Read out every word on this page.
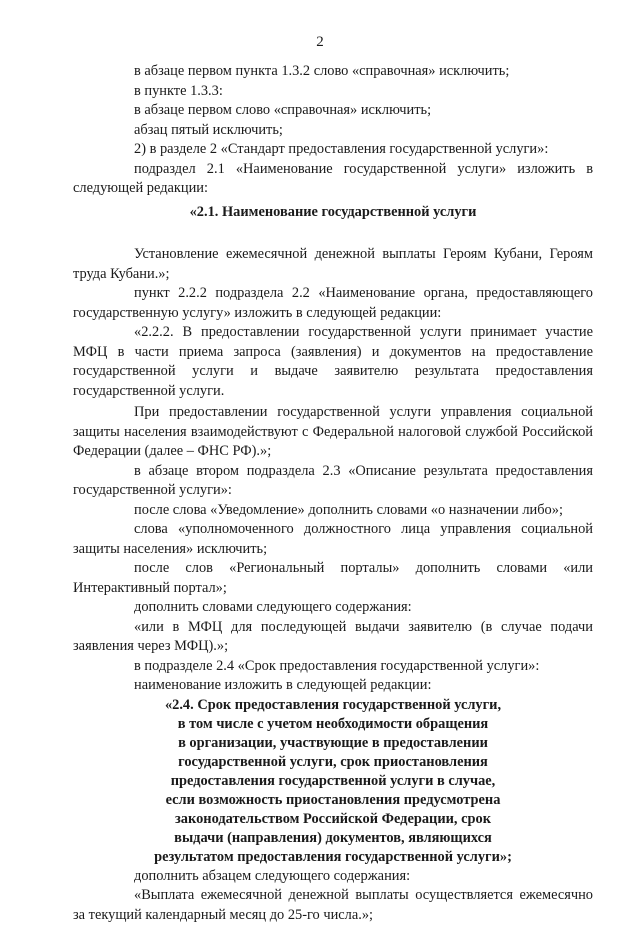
2

в абзаце первом пункта 1.3.2 слово «справочная» исключить;

в пункте 1.3.3:

в абзаце первом слово «справочная» исключить;

абзац пятый исключить;

2) в разделе 2 «Стандарт предоставления государственной услуги»:

подраздел 2.1 «Наименование государственной услуги» изложить в следующей редакции:

«2.1. Наименование государственной услуги

Установление ежемесячной денежной выплаты Героям Кубани, Героям труда Кубани.»;

пункт 2.2.2 подраздела 2.2 «Наименование органа, предоставляющего государственную услугу» изложить в следующей редакции:

«2.2.2. В предоставлении государственной услуги принимает участие МФЦ в части приема запроса (заявления) и документов на предоставление государственной услуги и выдаче заявителю результата предоставления государственной услуги.

При предоставлении государственной услуги управления социальной защиты населения взаимодействуют с Федеральной налоговой службой Российской Федерации (далее – ФНС РФ).»;

в абзаце втором подраздела 2.3 «Описание результата предоставления государственной услуги»:

после слова «Уведомление» дополнить словами «о назначении либо»;

слова «уполномоченного должностного лица управления социальной защиты населения» исключить;

после слов «Региональный порталы» дополнить словами «или Интерактивный портал»;

дополнить словами следующего содержания:

«или в МФЦ для последующей выдачи заявителю (в случае подачи заявления через МФЦ).»;

в подразделе 2.4 «Срок предоставления государственной услуги»:

наименование изложить в следующей редакции:

«2.4. Срок предоставления государственной услуги,

в том числе с учетом необходимости обращения

в организации, участвующие в предоставлении

государственной услуги, срок приостановления

предоставления государственной услуги в случае,

если возможность приостановления предусмотрена

законодательством Российской Федерации, срок

выдачи (направления) документов, являющихся

результатом предоставления государственной услуги»;

дополнить абзацем следующего содержания:

«Выплата ежемесячной денежной выплаты осуществляется ежемесячно за текущий календарный месяц до 25-го числа.»;
